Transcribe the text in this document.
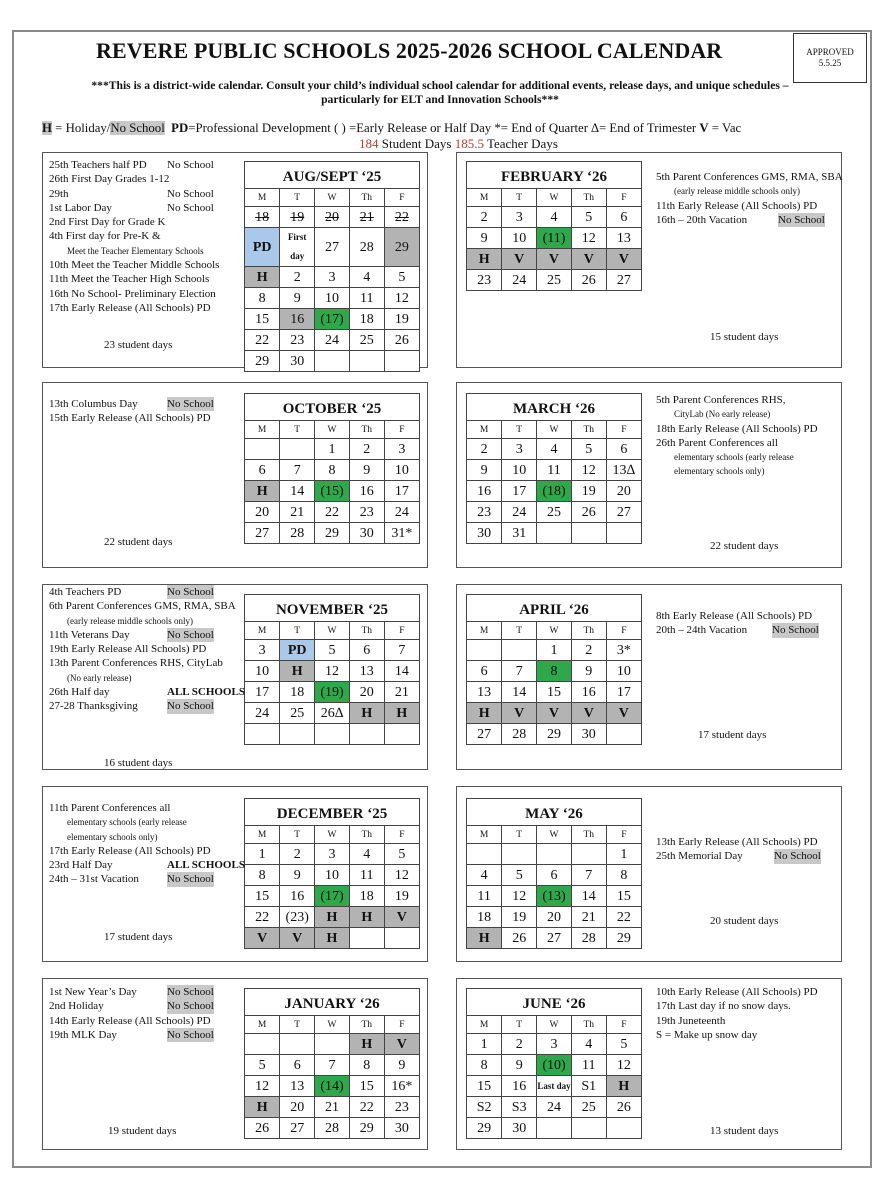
REVERE PUBLIC SCHOOLS 2025-2026 SCHOOL CALENDAR	APPROVED
5.5.25
***This is a district-wide calendar. Consult your child’s individual school calendar for additional events, release days, and unique schedules – particularly for ELT and Innovation Schools***
H = Holiday/No School PD=Professional Development ( ) =Early Release or Half Day *= End of Quarter ∆= End of Trimester V = Vac
184 Student Days 185.5 Teacher Days
AUG/SEPT ‘25
M	T	W	Th	F
18	19	20	21	22
PD	First day	27	28	29
H	2	3	4	5
8	9	10	11	12
15	16	(17)	18	19
22	23	24	25	26
29	30			
25th Teachers half PD No School
26th First Day Grades 1-12
29th	No School
1st Labor Day	No School
2nd First Day for Grade K
4th First day for Pre-K &
Meet the Teacher Elementary Schools
10th Meet the Teacher Middle Schools
11th Meet the Teacher High Schools
16th No School- Preliminary Election
17th Early Release (All Schools) PD
23 student days
FEBRUARY ‘26
M	T	W	Th	F
2	3	4	5	6
9	10	(11)	12	13
H	V	V	V	V
23	24	25	26	27
5th Parent Conferences GMS, RMA, SBA
(early release middle schools only)
11th Early Release (All Schools) PD
16th – 20th Vacation	No School
15 student days
OCTOBER ‘25
M	T	W	Th	F
		1	2	3
6	7	8	9	10
H	14	(15)	16	17
20	21	22	23	24
27	28	29	30	31*
13th Columbus Day	No School
15th Early Release (All Schools) PD
22 student days
MARCH ‘26
M	T	W	Th	F
2	3	4	5	6
9	10	11	12	13∆
16	17	(18)	19	20
23	24	25	26	27
30	31			
5th Parent Conferences RHS,
CityLab (No early release)
18th Early Release (All Schools) PD
26th Parent Conferences all
elementary schools (early release
elementary schools only)
22 student days
NOVEMBER ‘25
M	T	W	Th	F
3	PD	5	6	7
10	H	12	13	14
17	18	(19)	20	21
24	25	26∆	H	H

4th Teachers PD	No School
6th Parent Conferences GMS, RMA, SBA
(early release middle schools only)
11th Veterans Day	No School
19th Early Release All Schools) PD
13th Parent Conferences RHS, CityLab
(No early release)
26th Half day	ALL SCHOOLS
27-28 Thanksgiving	No School
16 student days
APRIL ‘26
M	T	W	Th	F
		1	2	3*
6	7	8	9	10
13	14	15	16	17
H	V	V	V	V
27	28	29	30	
8th Early Release (All Schools) PD
20th – 24th Vacation No School
17 student days
DECEMBER ‘25
M	T	W	Th	F
1	2	3	4	5
8	9	10	11	12
15	16	(17)	18	19
22	(23)	H	H	V
V	V	H		
11th Parent Conferences all
elementary schools (early release
elementary schools only)
17th Early Release (All Schools) PD
23rd Half Day	ALL SCHOOLS
24th – 31st Vacation	No School
17 student days
MAY ‘26
M	T	W	Th	F
				1
4	5	6	7	8
11	12	(13)	14	15
18	19	20	21	22
H	26	27	28	29
13th Early Release (All Schools) PD
25th Memorial Day	No School
20 student days
JANUARY ‘26
M	T	W	Th	F
			H	V
5	6	7	8	9
12	13	(14)	15	16*
H	20	21	22	23
26	27	28	29	30
1st New Year’s Day	No School
2nd Holiday	No School
14th Early Release (All Schools) PD
19th MLK Day	No School
19 student days
JUNE ‘26
M	T	W	Th	F
1	2	3	4	5
8	9	(10)	11	12
15	16	Last day	S1	H
S2	S3	24	25	26
29	30			
10th Early Release (All Schools) PD
17th Last day if no snow days.
19th Juneteenth
S = Make up snow day
13 student days
